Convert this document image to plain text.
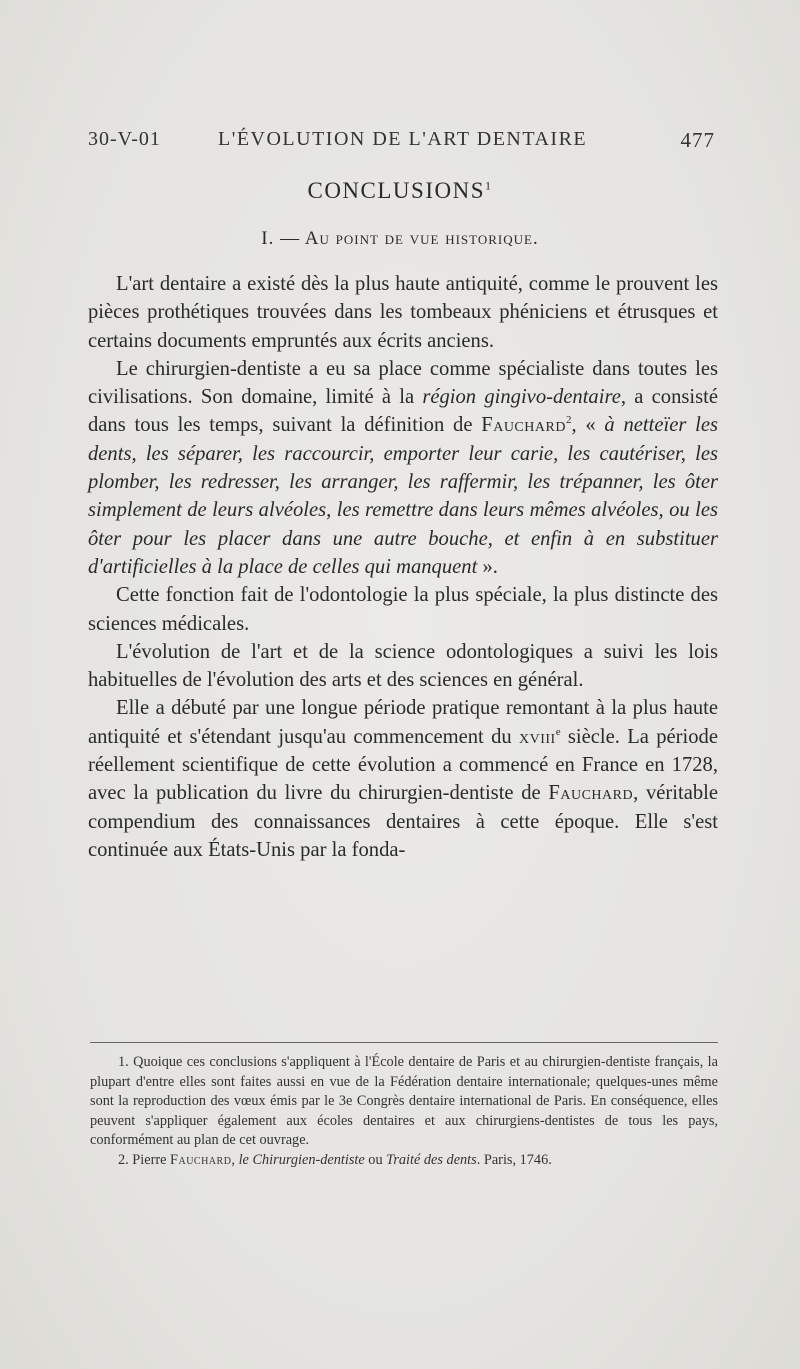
30-V-01	L'ÉVOLUTION DE L'ART DENTAIRE	477
CONCLUSIONS$^1$
I. — Au point de vue historique.

L'art dentaire a existé dès la plus haute antiquité, comme le prouvent les pièces prothétiques trouvées dans les tombeaux phéniciens et étrusques et certains documents empruntés aux écrits anciens.

Le chirurgien-dentiste a eu sa place comme spécialiste dans toutes les civilisations. Son domaine, limité à la région gingivo-dentaire, a consisté dans tous les temps, suivant la définition de Fauchard$^2$, « à netteïer les dents, les séparer, les raccourcir, emporter leur carie, les cautériser, les plomber, les redresser, les arranger, les raffermir, les trépanner, les ôter simplement de leurs alvéoles, les remettre dans leurs mêmes alvéoles, ou les ôter pour les placer dans une autre bouche, et enfin à en substituer d'artificielles à la place de celles qui manquent ».

Cette fonction fait de l'odontologie la plus spéciale, la plus distincte des sciences médicales.

L'évolution de l'art et de la science odontologiques a suivi les lois habituelles de l'évolution des arts et des sciences en général.

Elle a débuté par une longue période pratique remontant à la plus haute antiquité et s'étendant jusqu'au commencement du xviii$^e$ siècle. La période réellement scientifique de cette évolution a commencé en France en 1728, avec la publication du livre du chirurgien-dentiste de Fauchard, véritable compendium des connaissances dentaires à cette époque. Elle s'est continuée aux États-Unis par la fonda-

1. Quoique ces conclusions s'appliquent à l'École dentaire de Paris et au chirurgien-dentiste français, la plupart d'entre elles sont faites aussi en vue de la Fédération dentaire internationale; quelques-unes même sont la reproduction des vœux émis par le 3e Congrès dentaire international de Paris. En conséquence, elles peuvent s'appliquer également aux écoles dentaires et aux chirurgiens-dentistes de tous les pays, conformément au plan de cet ouvrage.

2. Pierre Fauchard, le Chirurgien-dentiste ou Traité des dents. Paris, 1746.
